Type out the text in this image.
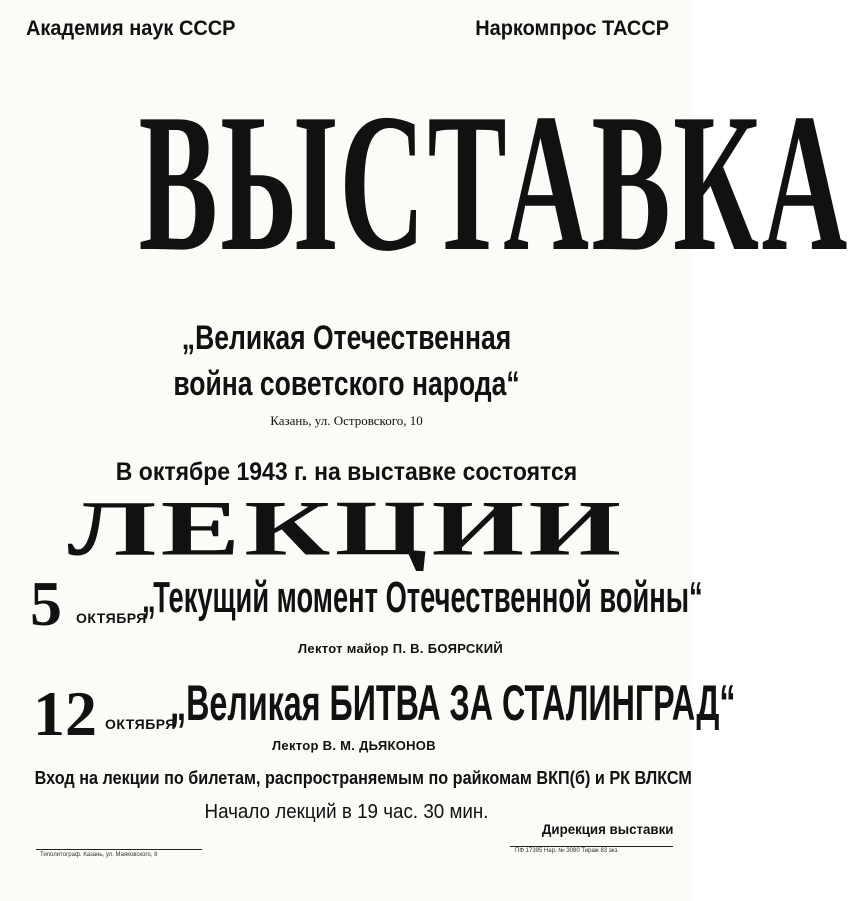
Академия наук СССР	Наркомпрос ТАССР
ВЫСТАВКА
„Великая Отечественная
война советского народа“
Казань, ул. Островского, 10
В октябре 1943 г. на выставке состоятся
ЛЕКЦИИ
5 ОКТЯБРЯ
„Текущий момент Отечественной войны“
Лектот майор П. В. БОЯРСКИЙ
12 ОКТЯБРЯ
„Великая БИТВА ЗА СТАЛИНГРАД“
Лектор В. М. ДЬЯКОНОВ
Вход на лекции по билетам, распространяемым по райкомам ВКП(б) и РК ВЛКСМ
Начало лекций в 19 час. 30 мин.
Дирекция выставки
Типолитограф. Казань, ул. Маяковского, 8
ПФ 17395 Нар. № 3080 Тираж 83 экз.
